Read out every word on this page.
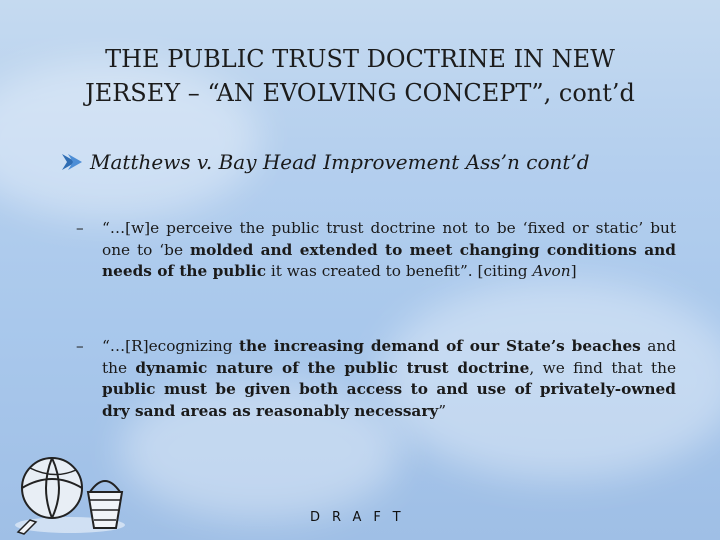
THE PUBLIC TRUST DOCTRINE IN NEW
JERSEY – “AN EVOLVING CONCEPT”, cont’d
Matthews v. Bay Head Improvement Ass’n cont’d
– “…[w]e perceive the public trust doctrine not to be ‘fixed or static’ but one to ‘be molded and extended to meet changing conditions and needs of the public it was created to benefit”. [citing Avon]
– “…[R]ecognizing the increasing demand of our State’s beaches and the dynamic nature of the public trust doctrine, we find that the public must be given both access to and use of privately-owned dry sand areas as reasonably necessary”
DRAFT
